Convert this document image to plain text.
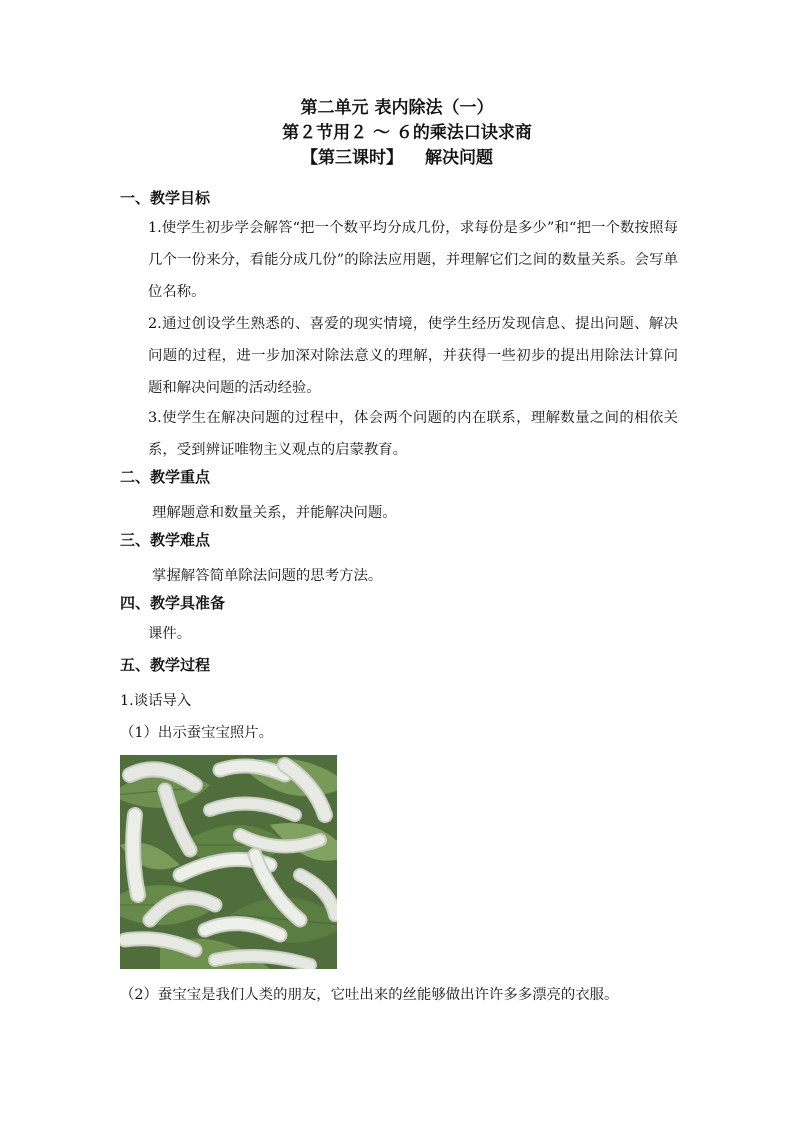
第二单元 表内除法（一）
第２节用２ ～ ６的乘法口诀求商
【第三课时】 解决问题
一、教学目标
1.使学生初步学会解答“把一个数平均分成几份，求每份是多少”和“把一个数按照每几个一份来分，看能分成几份”的除法应用题，并理解它们之间的数量关系。会写单位名称。
2.通过创设学生熟悉的、喜爱的现实情境，使学生经历发现信息、提出问题、解决问题的过程，进一步加深对除法意义的理解，并获得一些初步的提出用除法计算问题和解决问题的活动经验。
3.使学生在解决问题的过程中，体会两个问题的内在联系，理解数量之间的相依关系，受到辨证唯物主义观点的启蒙教育。
二、教学重点
理解题意和数量关系，并能解决问题。
三、教学难点
掌握解答简单除法问题的思考方法。
四、教学具准备
课件。
五、教学过程
1.谈话导入
（1）出示蚕宝宝照片。
（2）蚕宝宝是我们人类的朋友，它吐出来的丝能够做出许许多多漂亮的衣服。
